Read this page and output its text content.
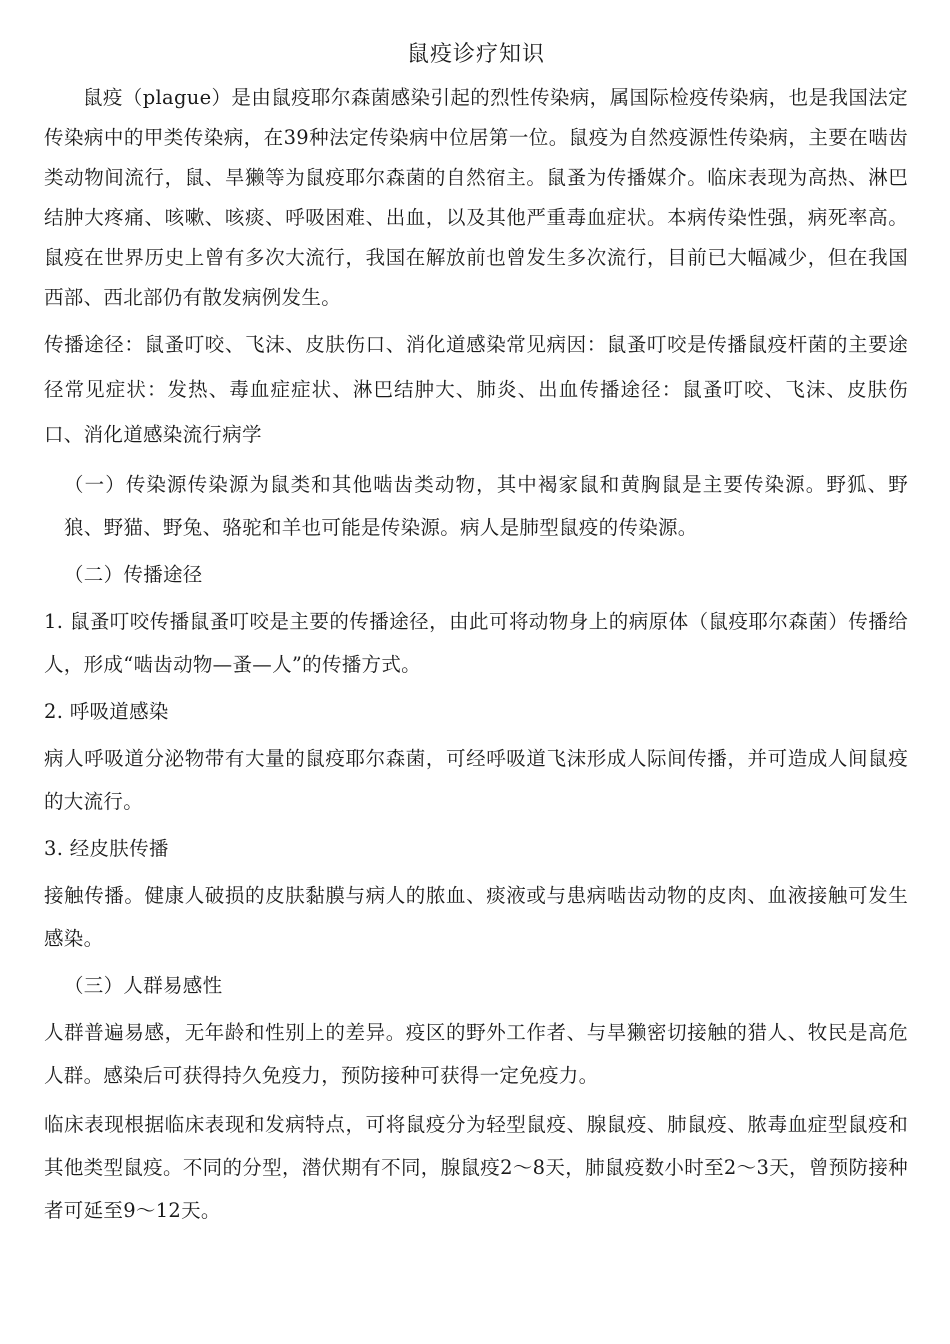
鼠疫诊疗知识

鼠疫（plague）是由鼠疫耶尔森菌感染引起的烈性传染病，属国际检疫传染病，也是我国法定传染病中的甲类传染病，在39种法定传染病中位居第一位。鼠疫为自然疫源性传染病，主要在啮齿类动物间流行，鼠、旱獭等为鼠疫耶尔森菌的自然宿主。鼠蚤为传播媒介。临床表现为高热、淋巴结肿大疼痛、咳嗽、咳痰、呼吸困难、出血，以及其他严重毒血症状。本病传染性强，病死率高。鼠疫在世界历史上曾有多次大流行，我国在解放前也曾发生多次流行，目前已大幅减少，但在我国西部、西北部仍有散发病例发生。

传播途径：鼠蚤叮咬、飞沫、皮肤伤口、消化道感染常见病因：鼠蚤叮咬是传播鼠疫杆菌的主要途径常见症状：发热、毒血症症状、淋巴结肿大、肺炎、出血传播途径：鼠蚤叮咬、飞沫、皮肤伤口、消化道感染流行病学

（一）传染源传染源为鼠类和其他啮齿类动物，其中褐家鼠和黄胸鼠是主要传染源。野狐、野狼、野猫、野兔、骆驼和羊也可能是传染源。病人是肺型鼠疫的传染源。

（二）传播途径

1. 鼠蚤叮咬传播鼠蚤叮咬是主要的传播途径，由此可将动物身上的病原体（鼠疫耶尔森菌）传播给人，形成“啮齿动物—蚤—人”的传播方式。

2. 呼吸道感染

病人呼吸道分泌物带有大量的鼠疫耶尔森菌，可经呼吸道飞沫形成人际间传播，并可造成人间鼠疫的大流行。

3. 经皮肤传播

接触传播。健康人破损的皮肤黏膜与病人的脓血、痰液或与患病啮齿动物的皮肉、血液接触可发生感染。

（三）人群易感性

人群普遍易感，无年龄和性别上的差异。疫区的野外工作者、与旱獭密切接触的猎人、牧民是高危人群。感染后可获得持久免疫力，预防接种可获得一定免疫力。

临床表现根据临床表现和发病特点，可将鼠疫分为轻型鼠疫、腺鼠疫、肺鼠疫、脓毒血症型鼠疫和其他类型鼠疫。不同的分型，潜伏期有不同，腺鼠疫2～8天，肺鼠疫数小时至2～3天，曾预防接种者可延至9～12天。
